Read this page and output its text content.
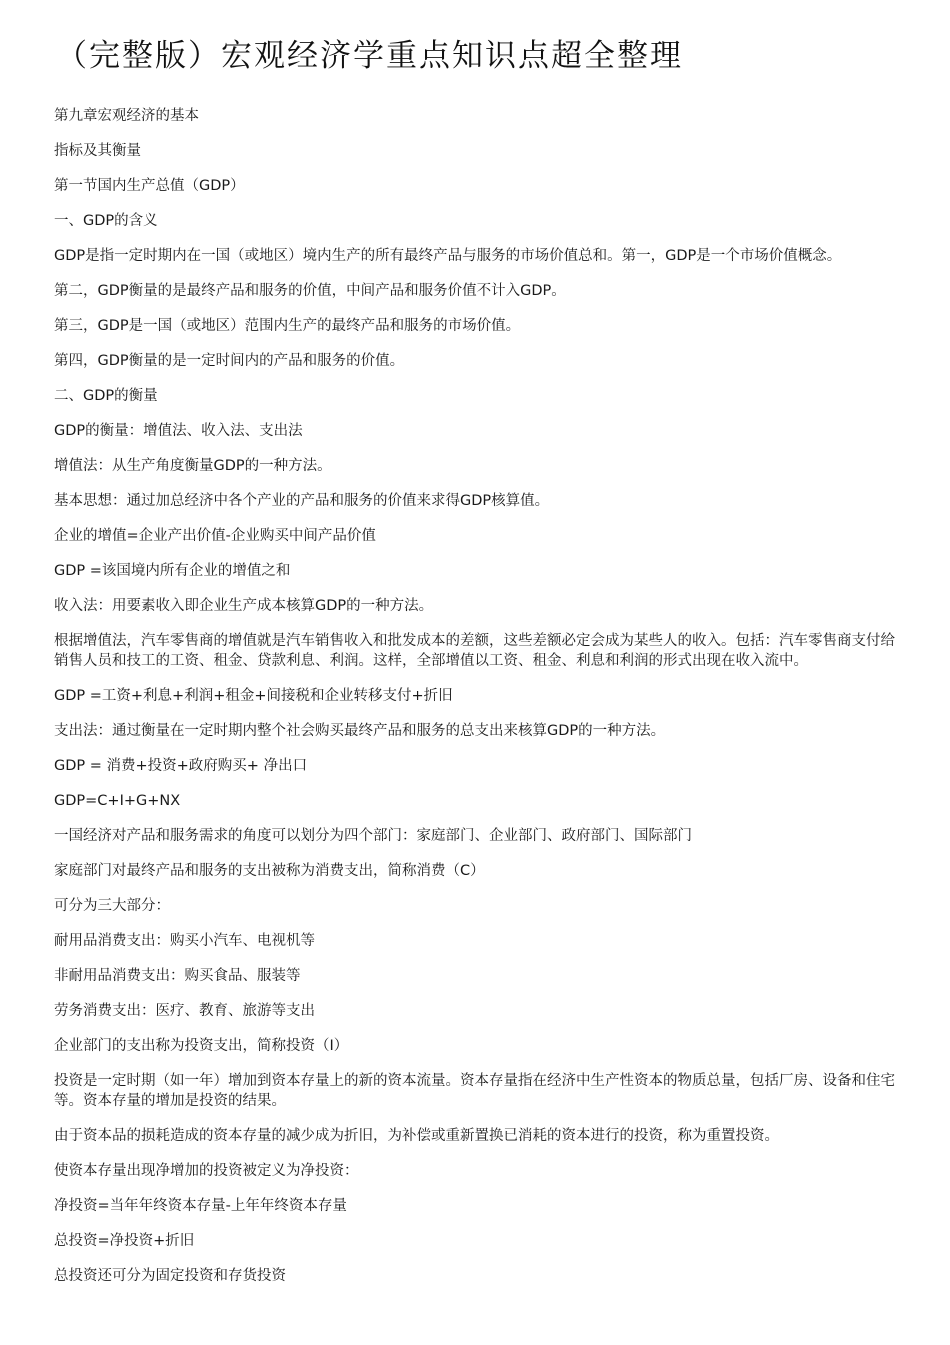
（完整版）宏观经济学重点知识点超全整理

第九章宏观经济的基本

指标及其衡量

第一节国内生产总值（GDP）

一、GDP的含义

GDP是指一定时期内在一国（或地区）境内生产的所有最终产品与服务的市场价值总和。第一，GDP是一个市场价值概念。

第二，GDP衡量的是最终产品和服务的价值，中间产品和服务价值不计入GDP。

第三，GDP是一国（或地区）范围内生产的最终产品和服务的市场价值。

第四，GDP衡量的是一定时间内的产品和服务的价值。

二、GDP的衡量

GDP的衡量：增值法、收入法、支出法

增值法：从生产角度衡量GDP的一种方法。

基本思想：通过加总经济中各个产业的产品和服务的价值来求得GDP核算值。

企业的增值=企业产出价值-企业购买中间产品价值

GDP =该国境内所有企业的增值之和

收入法：用要素收入即企业生产成本核算GDP的一种方法。

根据增值法，汽车零售商的增值就是汽车销售收入和批发成本的差额，这些差额必定会成为某些人的收入。包括：汽车零售商支付给销售人员和技工的工资、租金、贷款利息、利润。这样，全部增值以工资、租金、利息和利润的形式出现在收入流中。

GDP =工资+利息+利润+租金+间接税和企业转移支付+折旧

支出法：通过衡量在一定时期内整个社会购买最终产品和服务的总支出来核算GDP的一种方法。

GDP = 消费+投资+政府购买+ 净出口

GDP=C+I+G+NX

一国经济对产品和服务需求的角度可以划分为四个部门：家庭部门、企业部门、政府部门、国际部门

家庭部门对最终产品和服务的支出被称为消费支出，简称消费（C）

可分为三大部分：

耐用品消费支出：购买小汽车、电视机等

非耐用品消费支出：购买食品、服装等

劳务消费支出：医疗、教育、旅游等支出

企业部门的支出称为投资支出，简称投资（I）

投资是一定时期（如一年）增加到资本存量上的新的资本流量。资本存量指在经济中生产性资本的物质总量，包括厂房、设备和住宅等。资本存量的增加是投资的结果。

由于资本品的损耗造成的资本存量的减少成为折旧，为补偿或重新置换已消耗的资本进行的投资，称为重置投资。

使资本存量出现净增加的投资被定义为净投资：

净投资=当年年终资本存量-上年年终资本存量

总投资=净投资+折旧

总投资还可分为固定投资和存货投资
